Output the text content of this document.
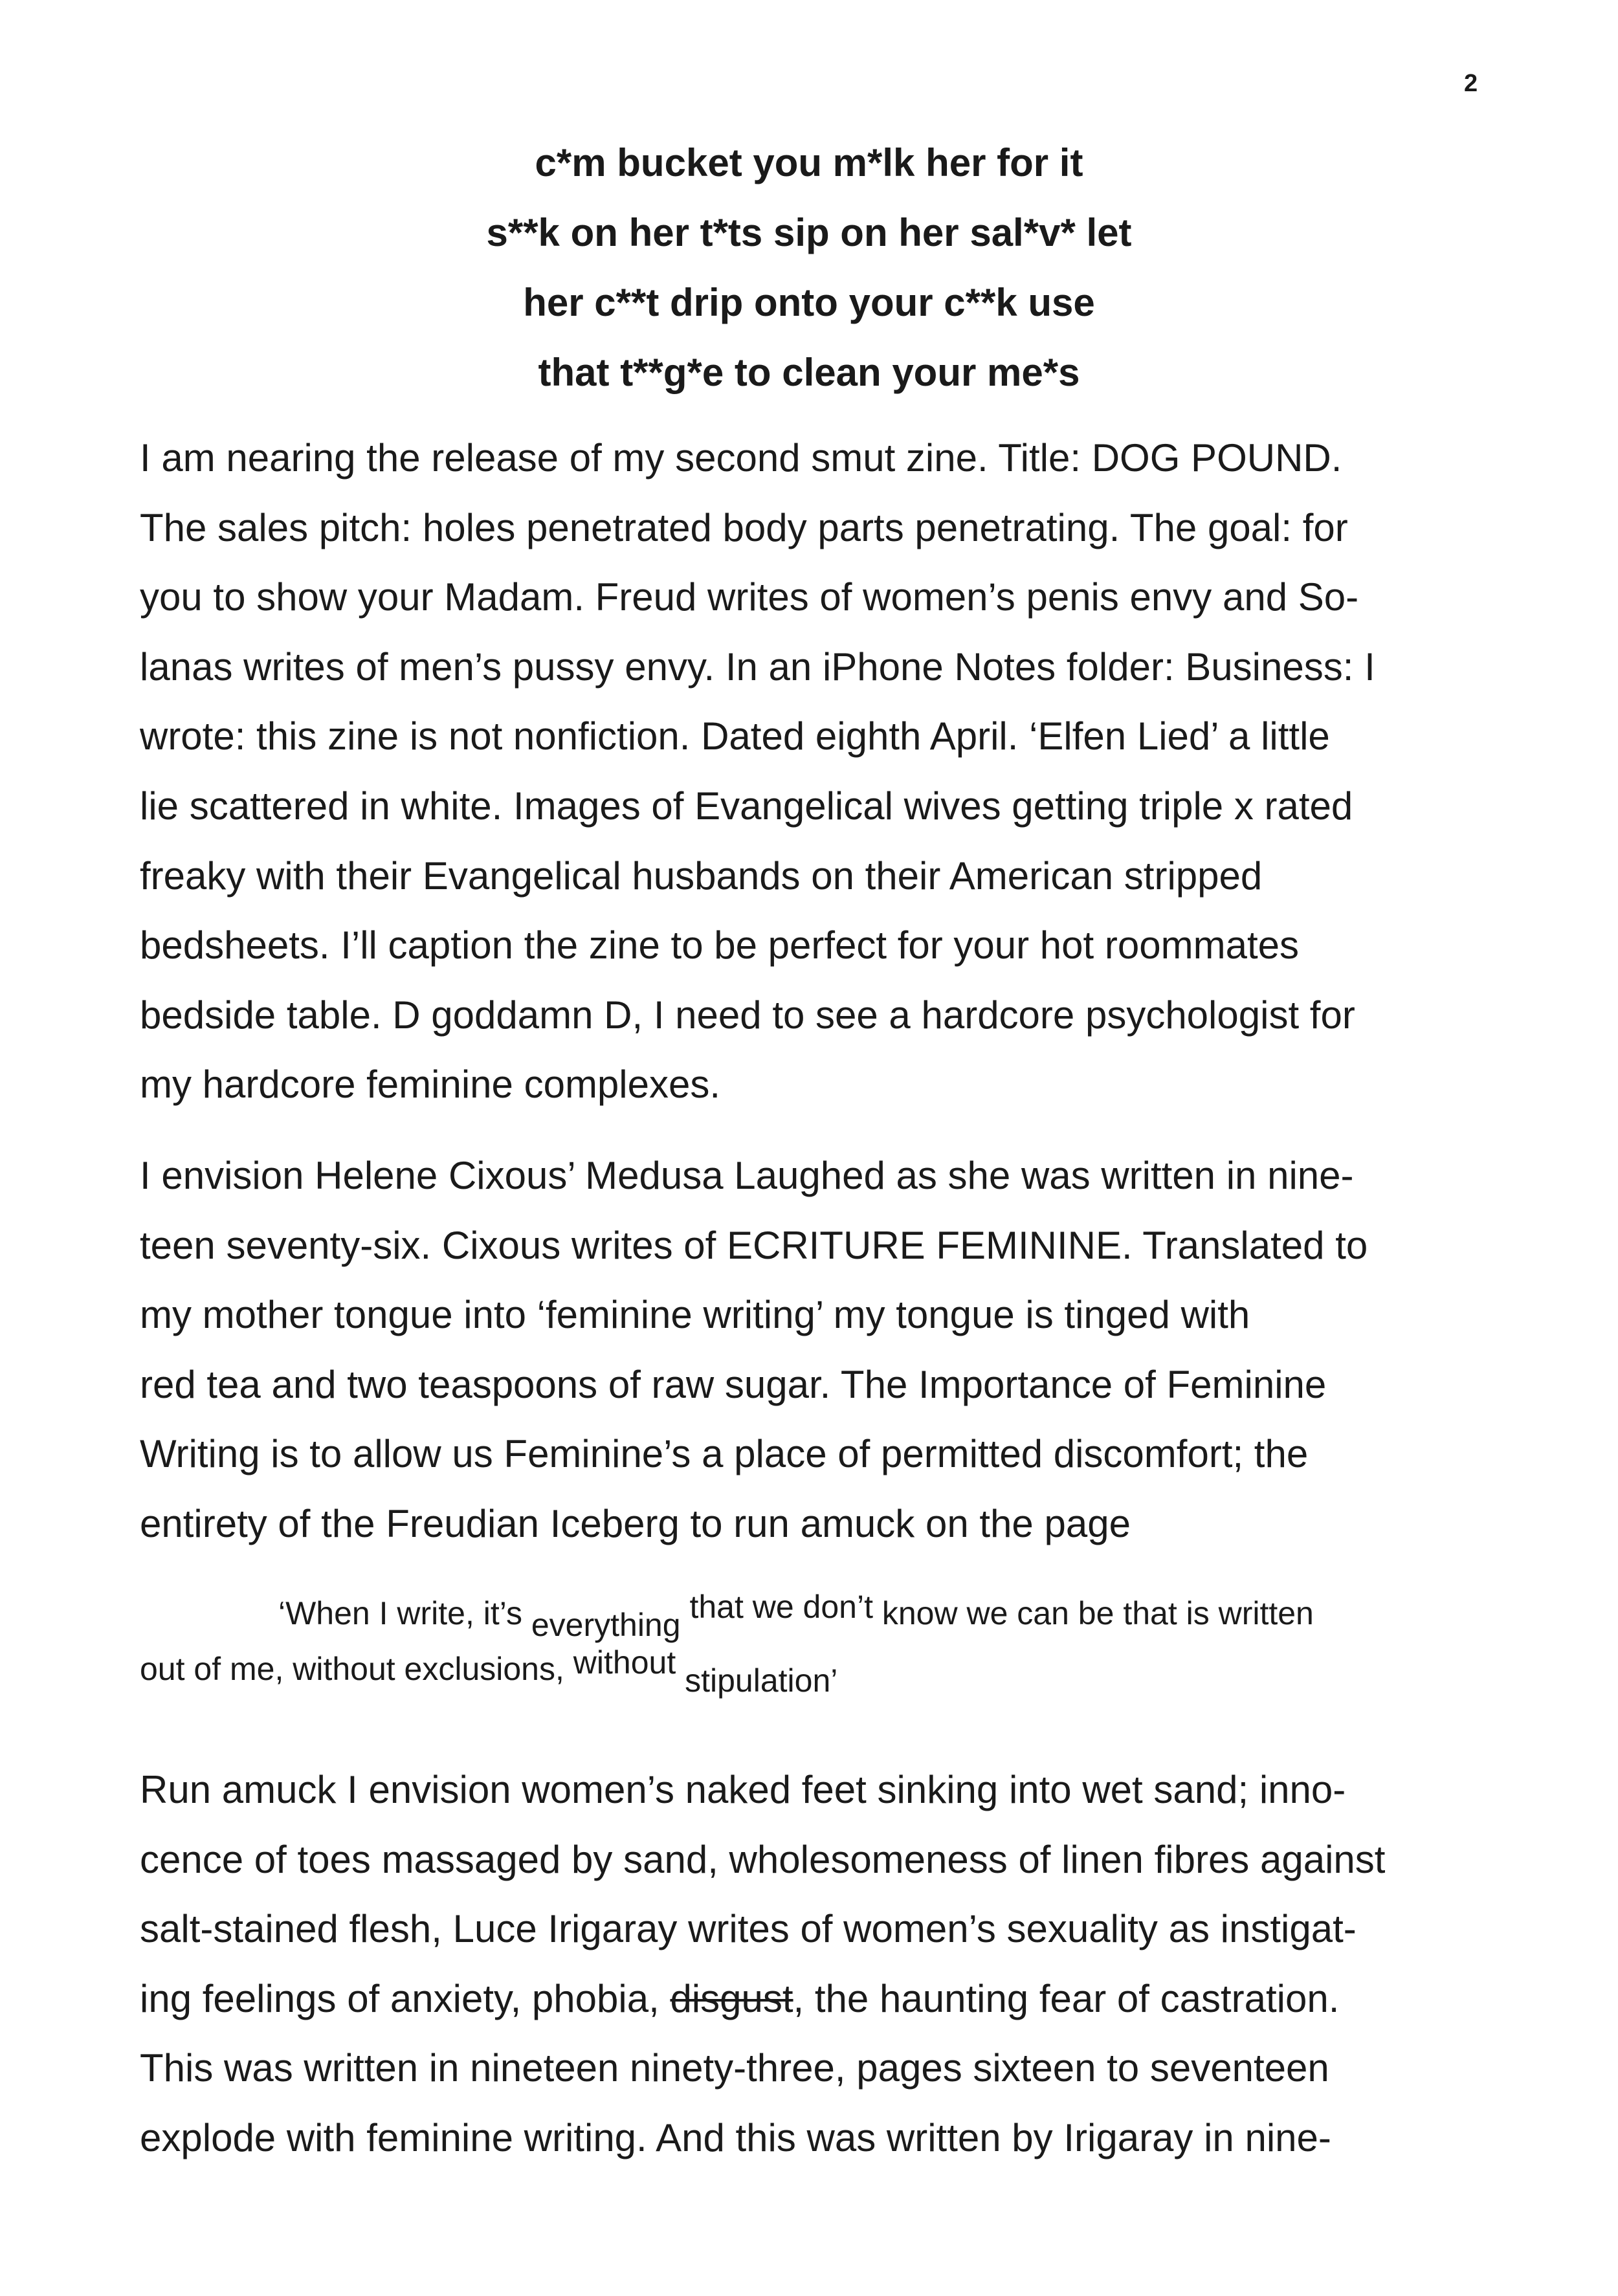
2
c*m bucket you m*lk her for it
s**k on her t*ts sip on her sal*v* let
her c**t drip onto your c**k use
that t**g*e to clean your me*s
I am nearing the release of my second smut zine. Title: DOG POUND.
The sales pitch: holes penetrated body parts penetrating. The goal: for
you to show your Madam. Freud writes of women’s penis envy and So-
lanas writes of men’s pussy envy. In an iPhone Notes folder: Business: I
wrote: this zine is not nonfiction. Dated eighth April. ‘Elfen Lied’ a little
lie scattered in white. Images of Evangelical wives getting triple x rated
freaky with their Evangelical husbands on their American stripped
bedsheets. I’ll caption the zine to be perfect for your hot roommates
bedside table. D goddamn D, I need to see a hardcore psychologist for
my hardcore feminine complexes.
I envision Helene Cixous’ Medusa Laughed as she was written in nine-
teen seventy-six. Cixous writes of ECRITURE FEMININE. Translated to
my mother tongue into ‘feminine writing’ my tongue is tinged with
red tea and two teaspoons of raw sugar. The Importance of Feminine
Writing is to allow us Feminine’s a place of permitted discomfort; the
entirety of the Freudian Iceberg to run amuck on the page
‘When I write, it’s everything that we don’t know we can be that is written
out of me, without exclusions, without stipulation’
Run amuck I envision women’s naked feet sinking into wet sand; inno-
cence of toes massaged by sand, wholesomeness of linen fibres against
salt-stained flesh, Luce Irigaray writes of women’s sexuality as instigat-
ing feelings of anxiety, phobia, disgust, the haunting fear of castration.
This was written in nineteen ninety-three, pages sixteen to seventeen
explode with feminine writing. And this was written by Irigaray in nine-
